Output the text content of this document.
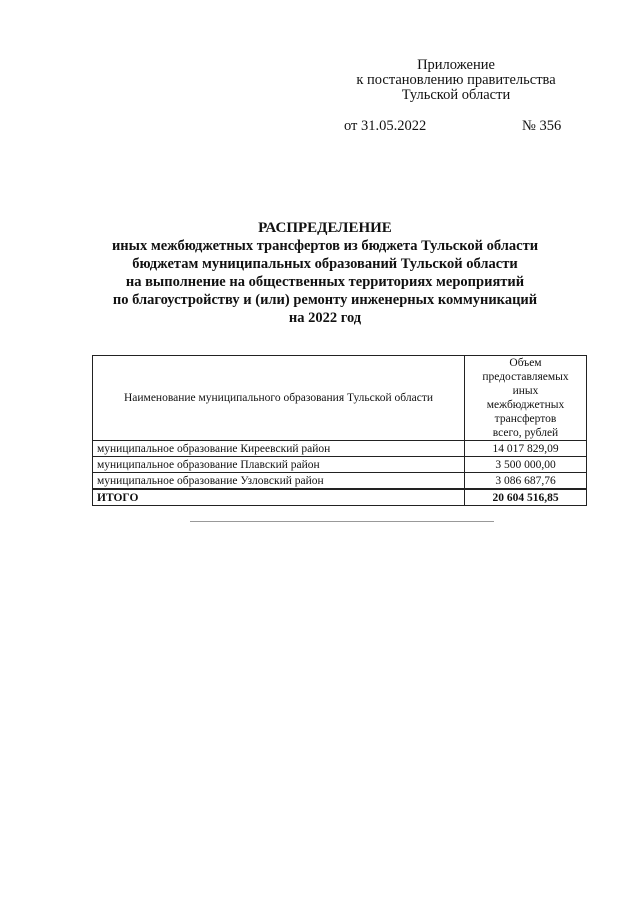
Приложение
к постановлению правительства
Тульской области
от 31.05.2022	№ 356
РАСПРЕДЕЛЕНИЕ
иных межбюджетных трансфертов из бюджета Тульской области
бюджетам муниципальных образований Тульской области
на выполнение на общественных территориях мероприятий
по благоустройству и (или) ремонту инженерных коммуникаций
на 2022 год
Наименование муниципального образования Тульской области	Объем
предоставляемых иных
межбюджетных
трансфертов
всего, рублей

муниципальное образование Киреевский район	14 017 829,09
муниципальное образование Плавский район	3 500 000,00
муниципальное образование Узловский район	3 086 687,76
ИТОГО	20 604 516,85
